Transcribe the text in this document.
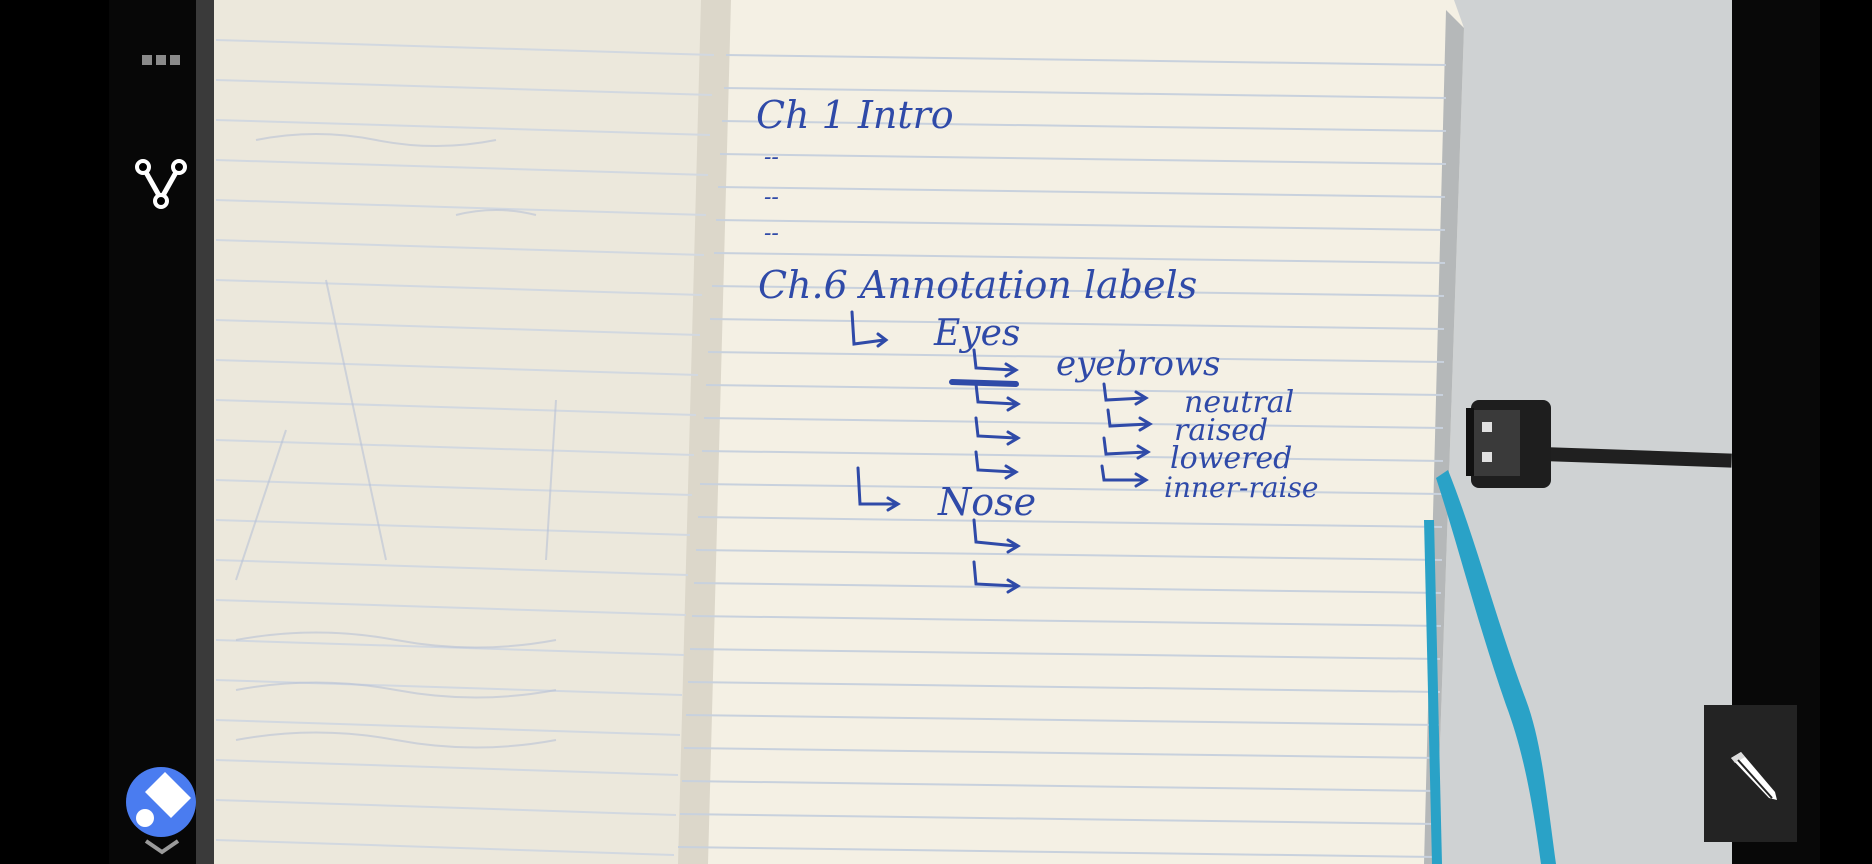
Ch 1 Intro
--
--
--
Ch.6 Annotation labels
Eyes
eyebrows
neutral
raised
lowered
inner-raise
Nose
